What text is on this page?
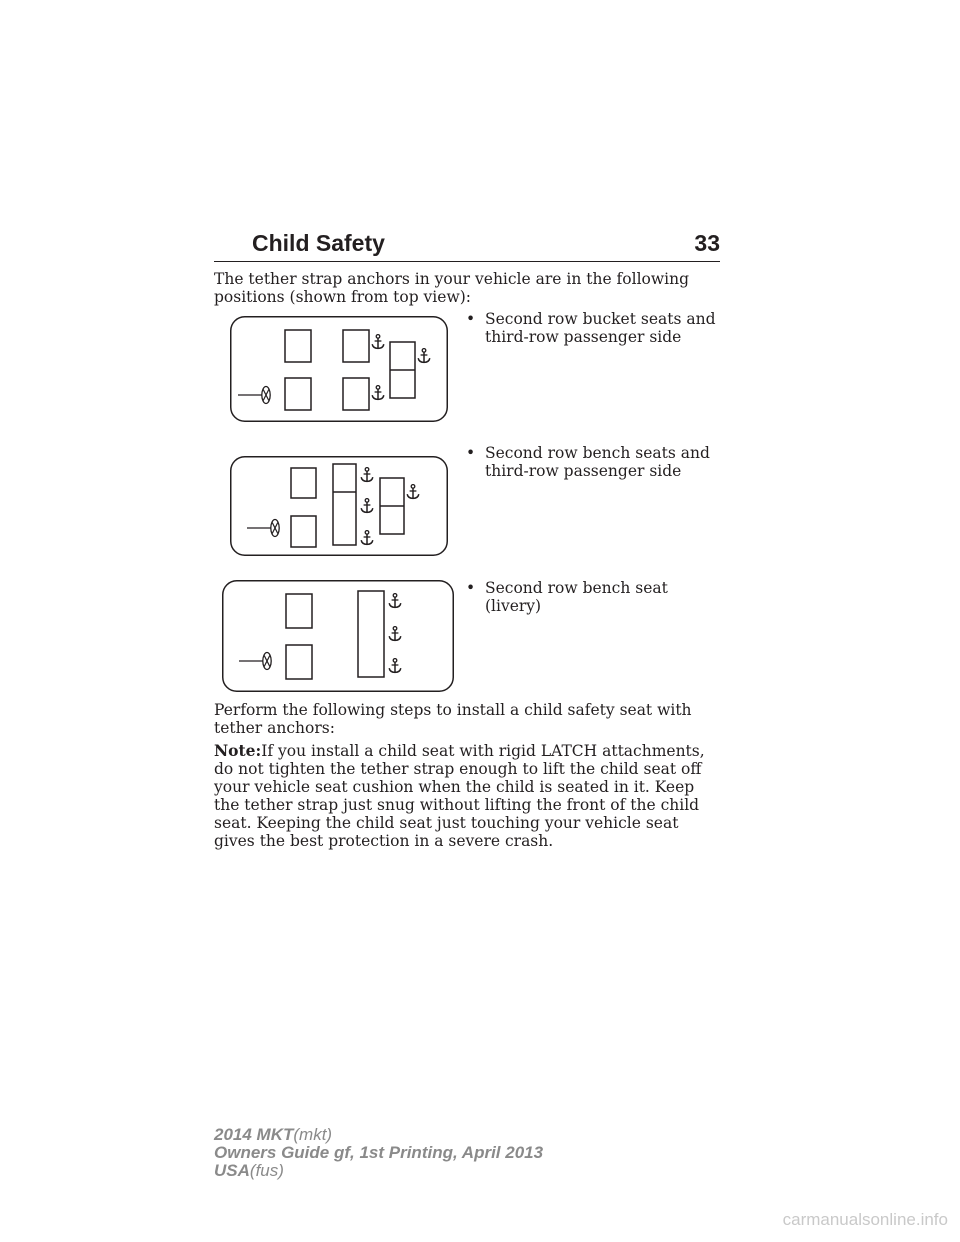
Child Safety	33

The tether strap anchors in your vehicle are in the following positions (shown from top view):

• Second row bucket seats and third-row passenger side
• Second row bench seats and third-row passenger side
• Second row bench seat (livery)

Perform the following steps to install a child safety seat with tether anchors:

Note:If you install a child seat with rigid LATCH attachments, do not tighten the tether strap enough to lift the child seat off your vehicle seat cushion when the child is seated in it. Keep the tether strap just snug without lifting the front of the child seat. Keeping the child seat just touching your vehicle seat gives the best protection in a severe crash.

2014 MKT(mkt)
Owners Guide gf, 1st Printing, April 2013
USA(fus)
carmanualsonline.info
